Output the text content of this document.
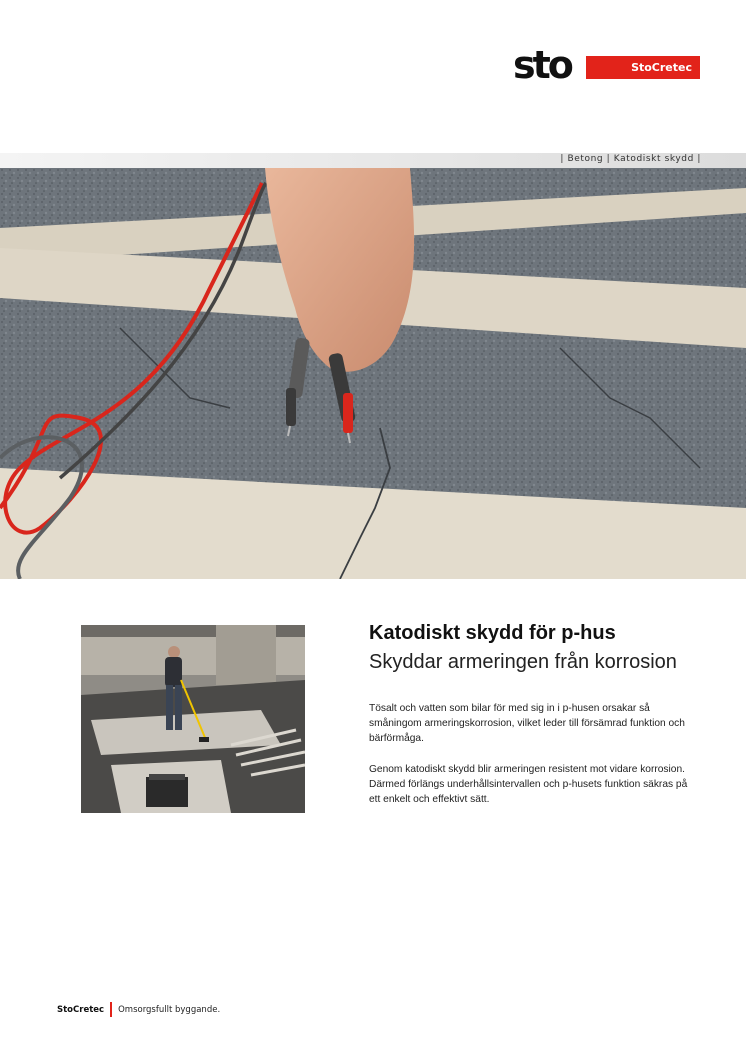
sto	StoCretec
| Betong | Katodiskt skydd |
Katodiskt skydd för p-hus
Skyddar armeringen från korrosion

Tösalt och vatten som bilar för med sig in i p-husen orsakar så småningom armeringskorrosion, vilket leder till försämrad funktion och bärförmåga.

Genom katodiskt skydd blir armeringen resistent mot vidare korrosion. Därmed förlängs underhållsintervallen och p-husets funktion säkras på ett enkelt och effektivt sätt.

StoCretec Omsorgsfullt byggande.
